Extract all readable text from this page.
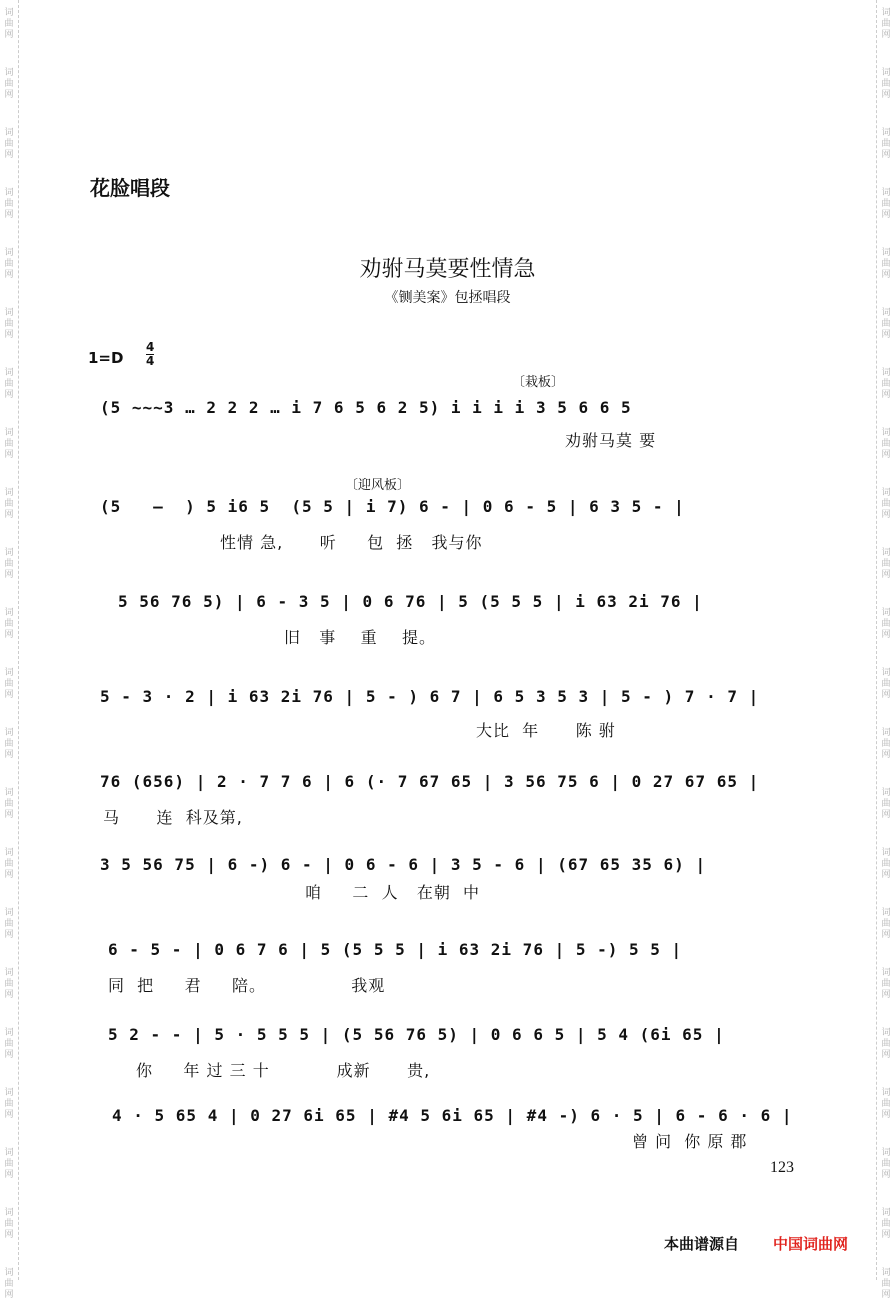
词
曲
网
词
曲
网
词
曲
网
词
曲
网
词
曲
网
词
曲
网
词
曲
网
词
曲
网
词
曲
网
词
曲
网
词
曲
网
词
曲
网
词
曲
网
词
曲
网
词
曲
网
词
曲
网
词
曲
网
词
曲
网
词
曲
网
词
曲
网
词
曲
网
词
曲
网
词
曲
网
词
曲
网
词
曲
网
词
曲
网
词
曲
网
词
曲
网
词
曲
网
词
曲
网
词
曲
网
词
曲
网
词
曲
网
词
曲
网
词
曲
网
词
曲
网
词
曲
网
词
曲
网
词
曲
网
词
曲
网
词
曲
网
词
曲
网
词
曲
网
词
曲
网
花脸唱段
劝驸马莫要性情急
《铡美案》包拯唱段
1=D
4
4
〔栽板〕
〔迎风板〕
(5 ~~~3 … 2 2 2 … i 7 6 5 6 2 5) i i i i 3 5 6 6 5
劝驸马莫 要
(5   —  ) 5 i6 5  (5 5 | i 7) 6 - | 0 6 - 5 | 6 3 5 - |
性情 急,      听     包  拯   我与你
5 56 76 5) | 6 - 3 5 | 0 6 76 | 5 (5 5 5 | i 63 2i 76 |
旧   事    重    提。
5 - 3 · 2 | i 63 2i 76 | 5 - ) 6 7 | 6 5 3 5 3 | 5 - ) 7 · 7 |
大比  年      陈 驸
76 (656) | 2 · 7 7 6 | 6 (· 7 67 65 | 3 56 75 6 | 0 27 67 65 |
马      连  科及第,
3 5 56 75 | 6 -) 6 - | 0 6 - 6 | 3 5 - 6 | (67 65 35 6) |
咱     二  人   在朝  中
6 - 5 - | 0 6 7 6 | 5 (5 5 5 | i 63 2i 76 | 5 -) 5 5 |
同  把     君     陪。              我观
5 2 - - | 5 · 5 5 5 | (5 56 76 5) | 0 6 6 5 | 5 4 (6i 65 |
你     年 过 三 十           成新      贵,
4 · 5 65 4 | 0 27 6i 65 | #4 5 6i 65 | #4 -) 6 · 5 | 6 - 6 · 6 |
曾 问  你 原 郡
123
本曲谱源自 中国词曲网
